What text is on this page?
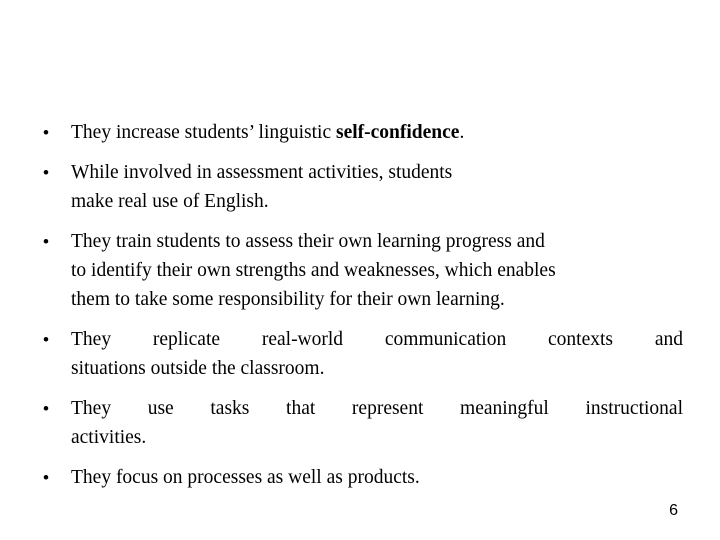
• They increase students’ linguistic self-confidence.
• While involved in assessment activities, students
make real use of English.
• They train students to assess their own learning progress and
to identify their own strengths and weaknesses, which enables
them to take some responsibility for their own learning.
• They replicate real-world communication contexts and
situations outside the classroom.
• They use tasks that represent meaningful instructional
activities.
• They focus on processes as well as products.
6
